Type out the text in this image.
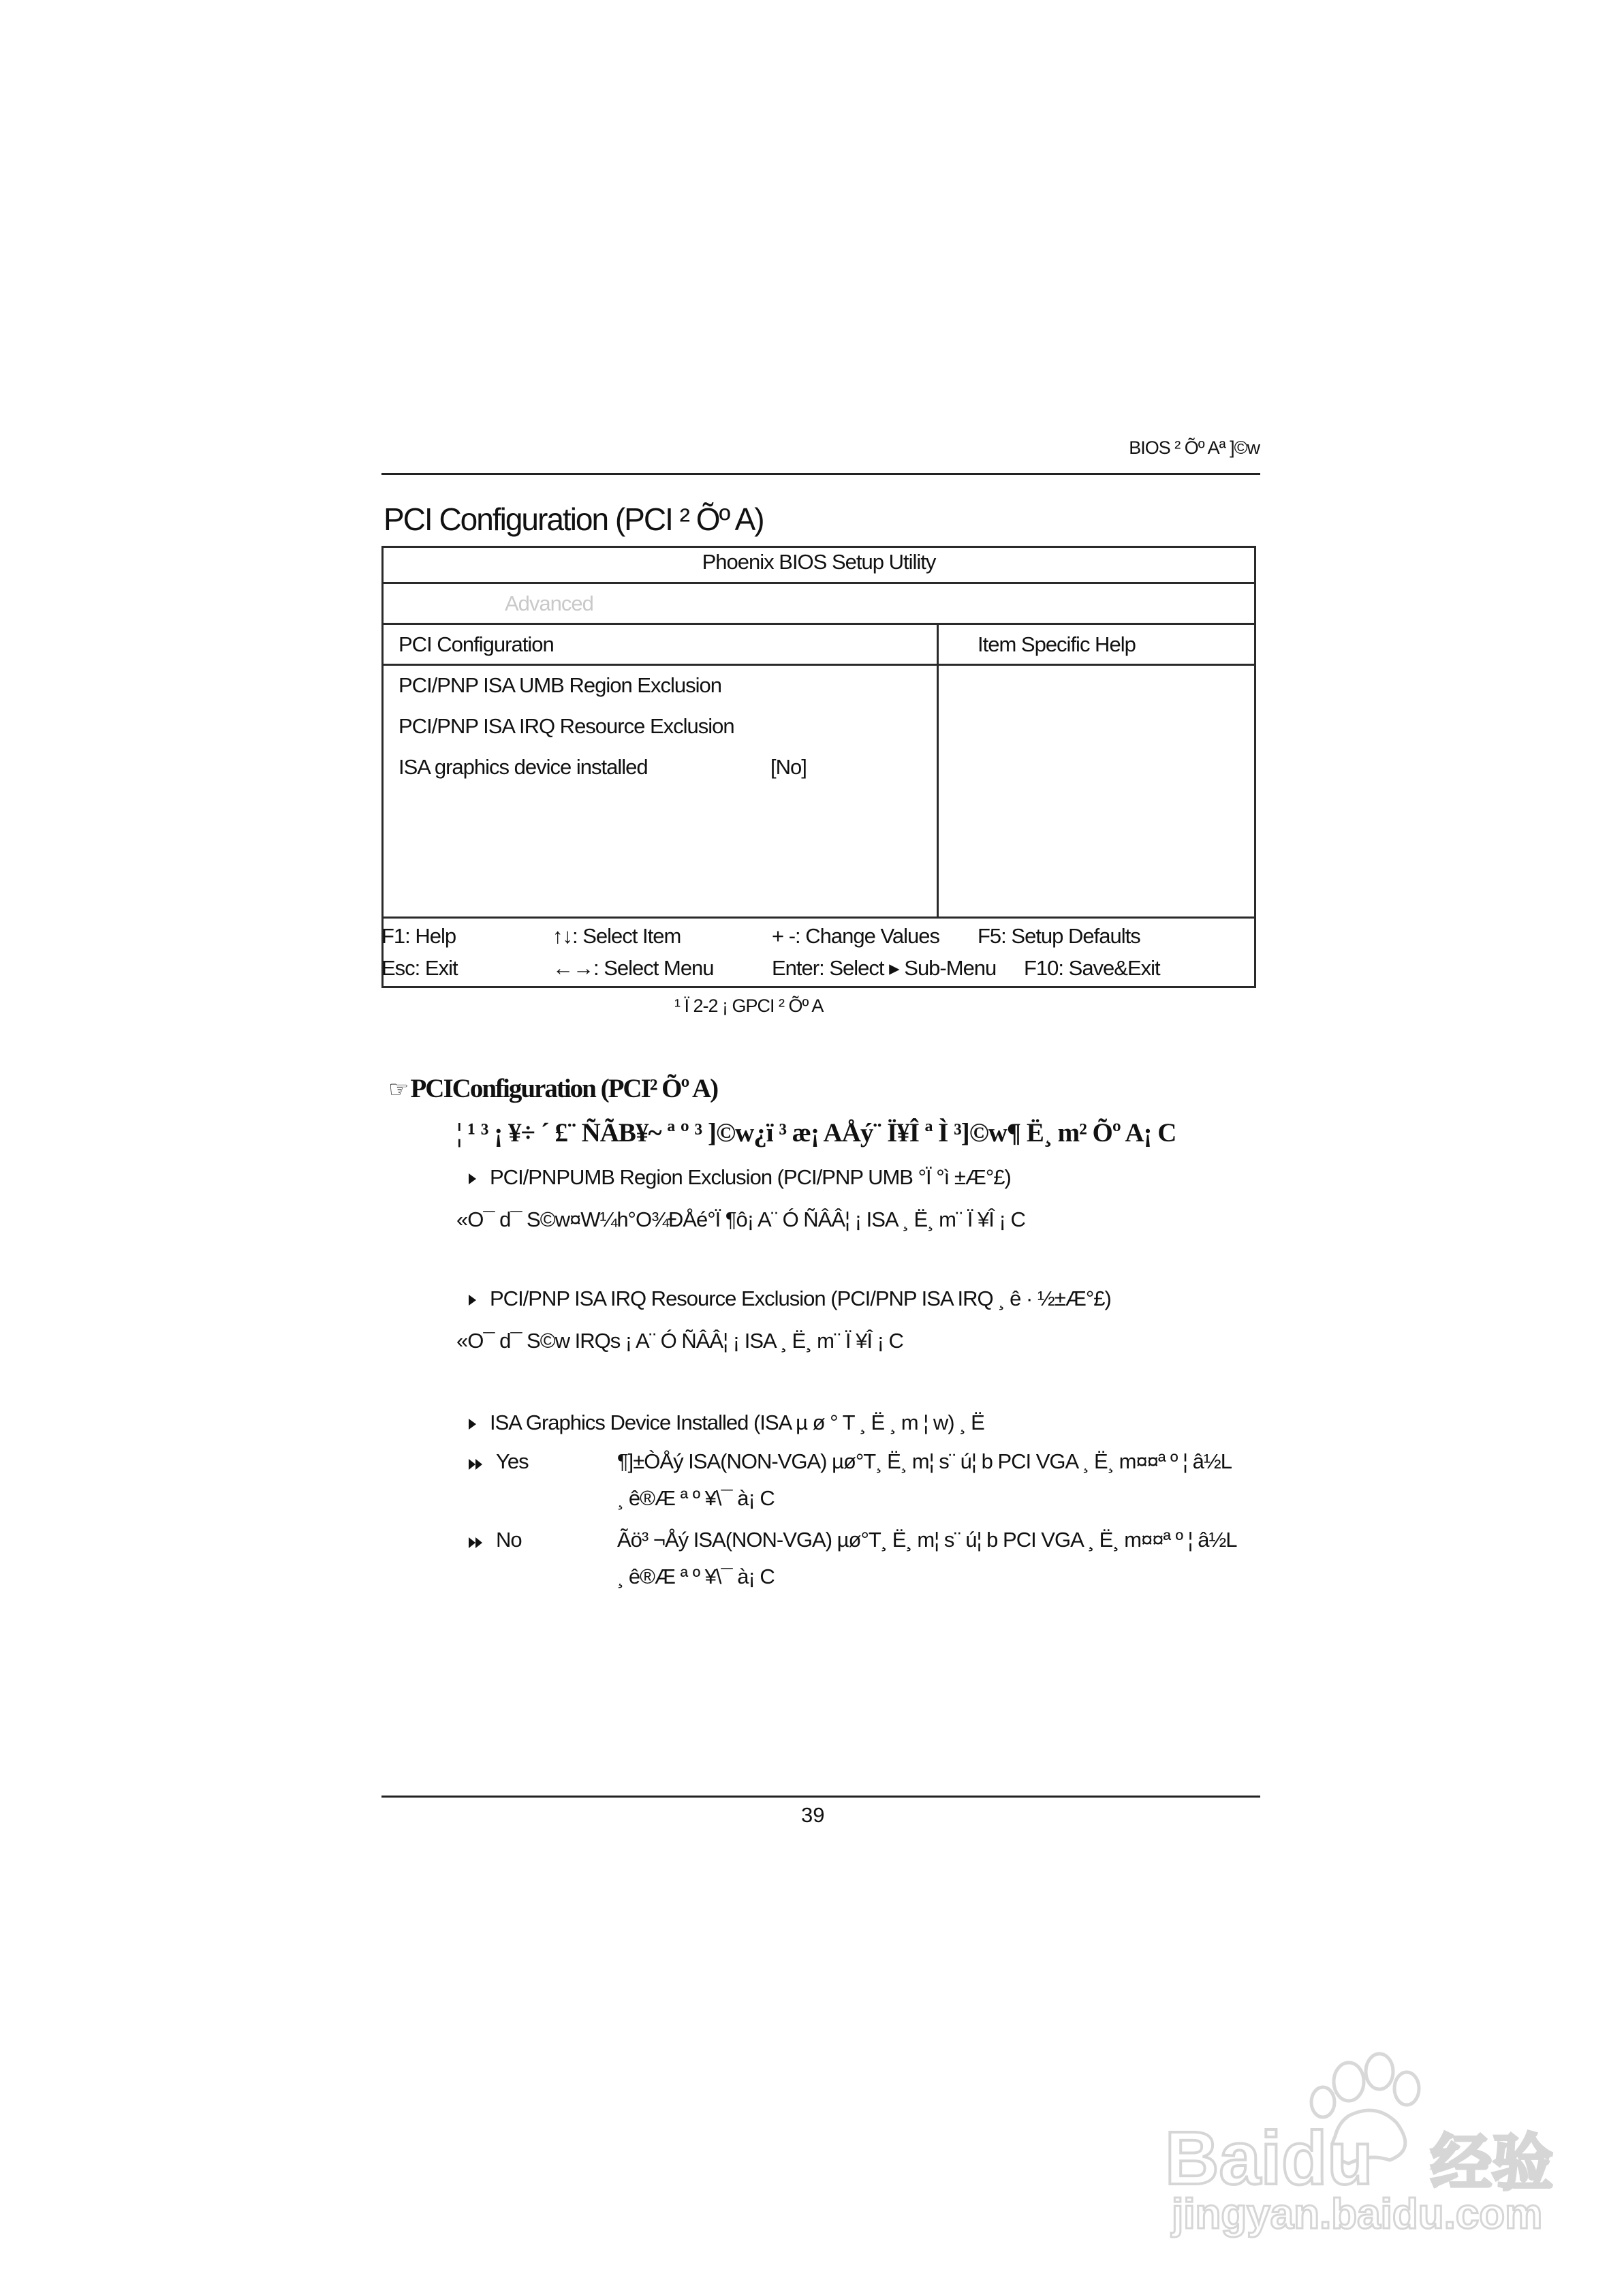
BIOS ² Õº Aª ]©w
PCI Configuration (PCI ² Õº A)
Phoenix BIOS Setup Utility
Advanced
PCI Configuration	Item Specific Help
PCI/PNP ISA UMB Region Exclusion
PCI/PNP ISA IRQ Resource Exclusion
ISA graphics device installed	[No]
F1: Help	↑↓: Select Item	+ -: Change Values F5: Setup Defaults
Esc: Exit	←→: Select Menu	Enter: Select ▸ Sub-Menu F10: Save&Exit
¹ Ï 2-2 ¡ GPCI ² Õº A
☞ PCIConfiguration (PCI² Õº A)
¦ ¹ ³ ¡ ¥÷ ´ £¨ ÑÃB¥~ ª º ³ ]©w¿ï ³ æ¡ AÅý¨ Ï¥Î ª Ì ³]©w¶ Ë¸ m² Õº A¡ C
PCI/PNPUMB Region Exclusion (PCI/PNP UMB °Ï °ì ±Æ°£)
«O¯ d¯ S©w¤W¼h°O¾ÐÅé°Ï ¶ô¡ A¨ Ó ÑÂÂ¦ ¡ ISA ¸ Ë¸ m¨ Ï ¥Î ¡ C
PCI/PNP ISA IRQ Resource Exclusion (PCI/PNP ISA IRQ ¸ ê · ½±Æ°£)
«O¯ d¯ S©w IRQs ¡ A¨ Ó ÑÂÂ¦ ¡ ISA ¸ Ë¸ m¨ Ï ¥Î ¡ C
ISA Graphics Device Installed (ISA µ ø ° T ¸ Ë ¸ m ¦ w) ¸ Ë
Yes	¶]±ÒÅý ISA(NON-VGA) µø°T¸ Ë¸ m¦ s¨ ú¦ b PCI VGA ¸ Ë¸ m¤¤ª º ¦ â½L
¸ ê®Æ ª º ¥\¯ à¡ C
No	Ãö³ ¬Åý ISA(NON-VGA) µø°T¸ Ë¸ m¦ s¨ ú¦ b PCI VGA ¸ Ë¸ m¤¤ª º ¦ â½L
¸ ê®Æ ª º ¥\¯ à¡ C
39
Baidu 经验
jingyan.baidu.com
